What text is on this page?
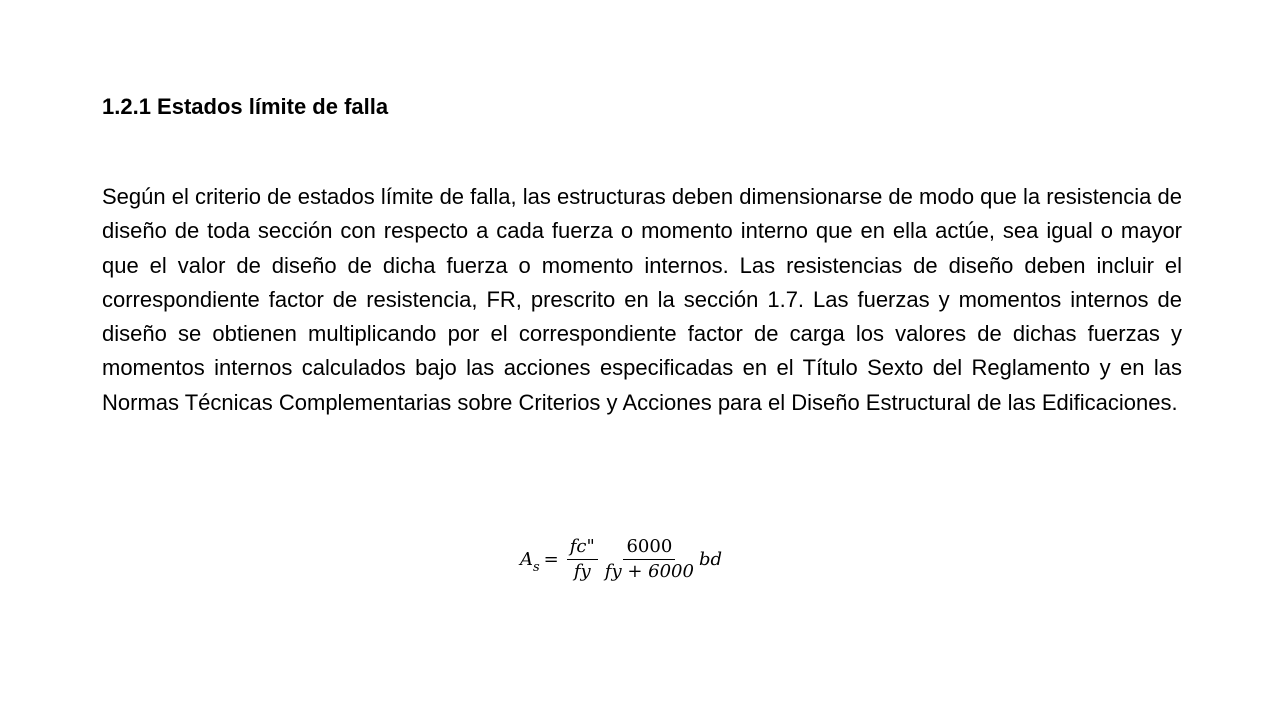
1.2.1 Estados límite de falla

Según el criterio de estados límite de falla, las estructuras deben dimensionarse de modo que la resistencia de diseño de toda sección con respecto a cada fuerza o momento interno que en ella actúe, sea igual o mayor que el valor de diseño de dicha fuerza o momento internos. Las resistencias de diseño deben incluir el correspondiente factor de resistencia, FR, prescrito en la sección 1.7. Las fuerzas y momentos internos de diseño se obtienen multiplicando por el correspondiente factor de carga los valores de dichas fuerzas y momentos internos calculados bajo las acciones especificadas en el Título Sexto del Reglamento y en las Normas Técnicas Complementarias sobre Criterios y Acciones para el Diseño Estructural de las Edificaciones.

$A_s = \frac{fc"}{fy} \frac{6000}{fy + 6000}$ bd
